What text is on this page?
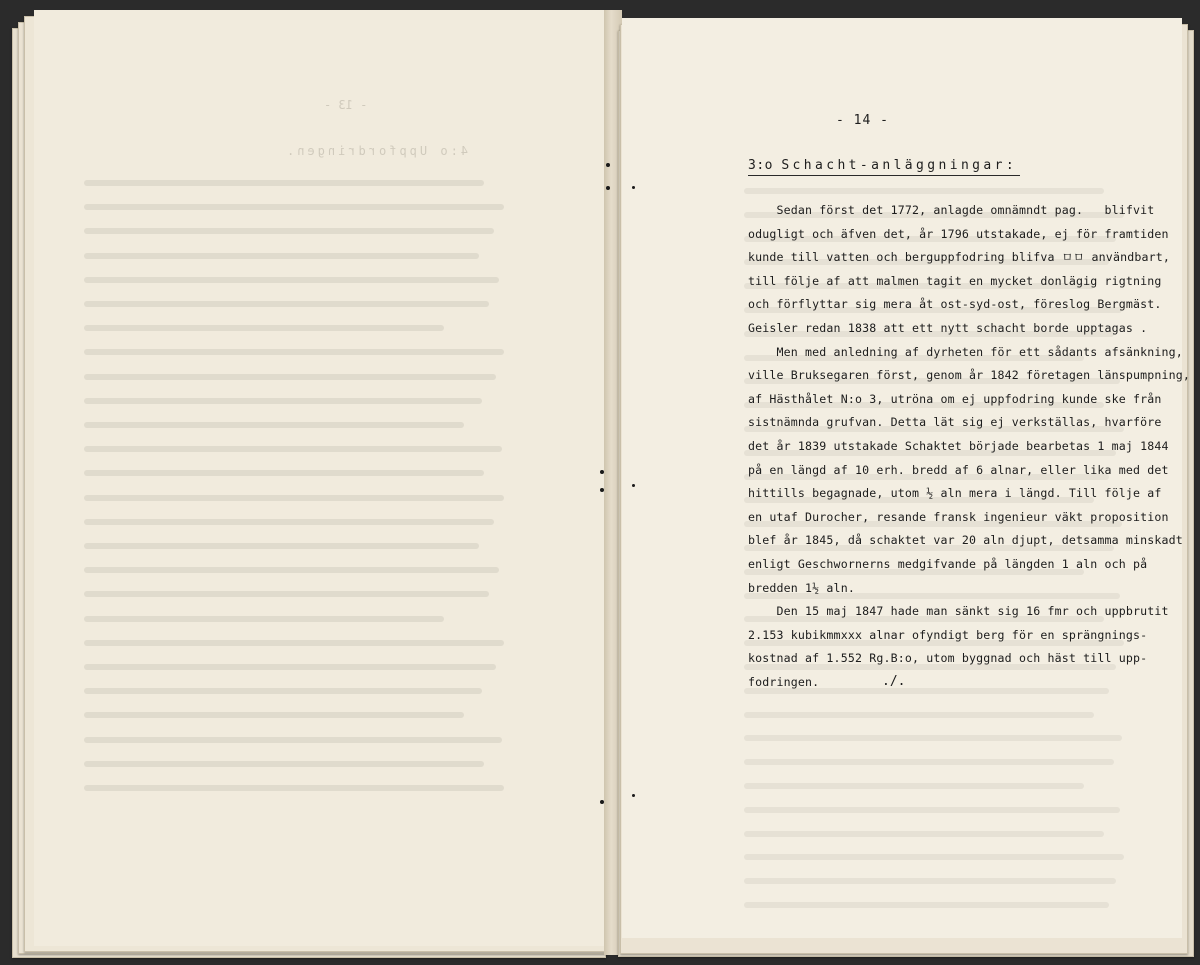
4:o Uppfordringen.
- 13 -
- 14 -
3:o Schacht-anläggningar:
Sedan först det 1772, anlagde omnämndt pag.   blifvit
odugligt och äfven det, år 1796 utstakade, ej för framtiden
kunde till vatten och berguppfodring blifva ㅁㅁ användbart,
till följe af att malmen tagit en mycket donlägig rigtning
och förflyttar sig mera åt ost-syd-ost, föreslog Bergmäst.
Geisler redan 1838 att ett nytt schacht borde upptagas .
Men med anledning af dyrheten för ett sådants afsänkning,
ville Bruksegaren först, genom år 1842 företagen länspumpning,
af Hästhålet N:o 3, utröna om ej uppfodring kunde ske från
sistnämnda grufvan. Detta lät sig ej verkställas, hvarföre
det år 1839 utstakade Schaktet började bearbetas 1 maj 1844
på en längd af 10 erh. bredd af 6 alnar, eller lika med det
hittills begagnade, utom ½ aln mera i längd. Till följe af
en utaf Durocher, resande fransk ingenieur väkt proposition
blef år 1845, då schaktet var 20 aln djupt, detsamma minskadt
enligt Geschwornerns medgifvande på längden 1 aln och på
bredden 1½ aln.
Den 15 maj 1847 hade man sänkt sig 16 fmr och uppbrutit
2.153 kubikmmxxx alnar ofyndigt berg för en sprängnings-
kostnad af 1.552 Rg.B:o, utom byggnad och häst till upp-
fodringen.	./.
